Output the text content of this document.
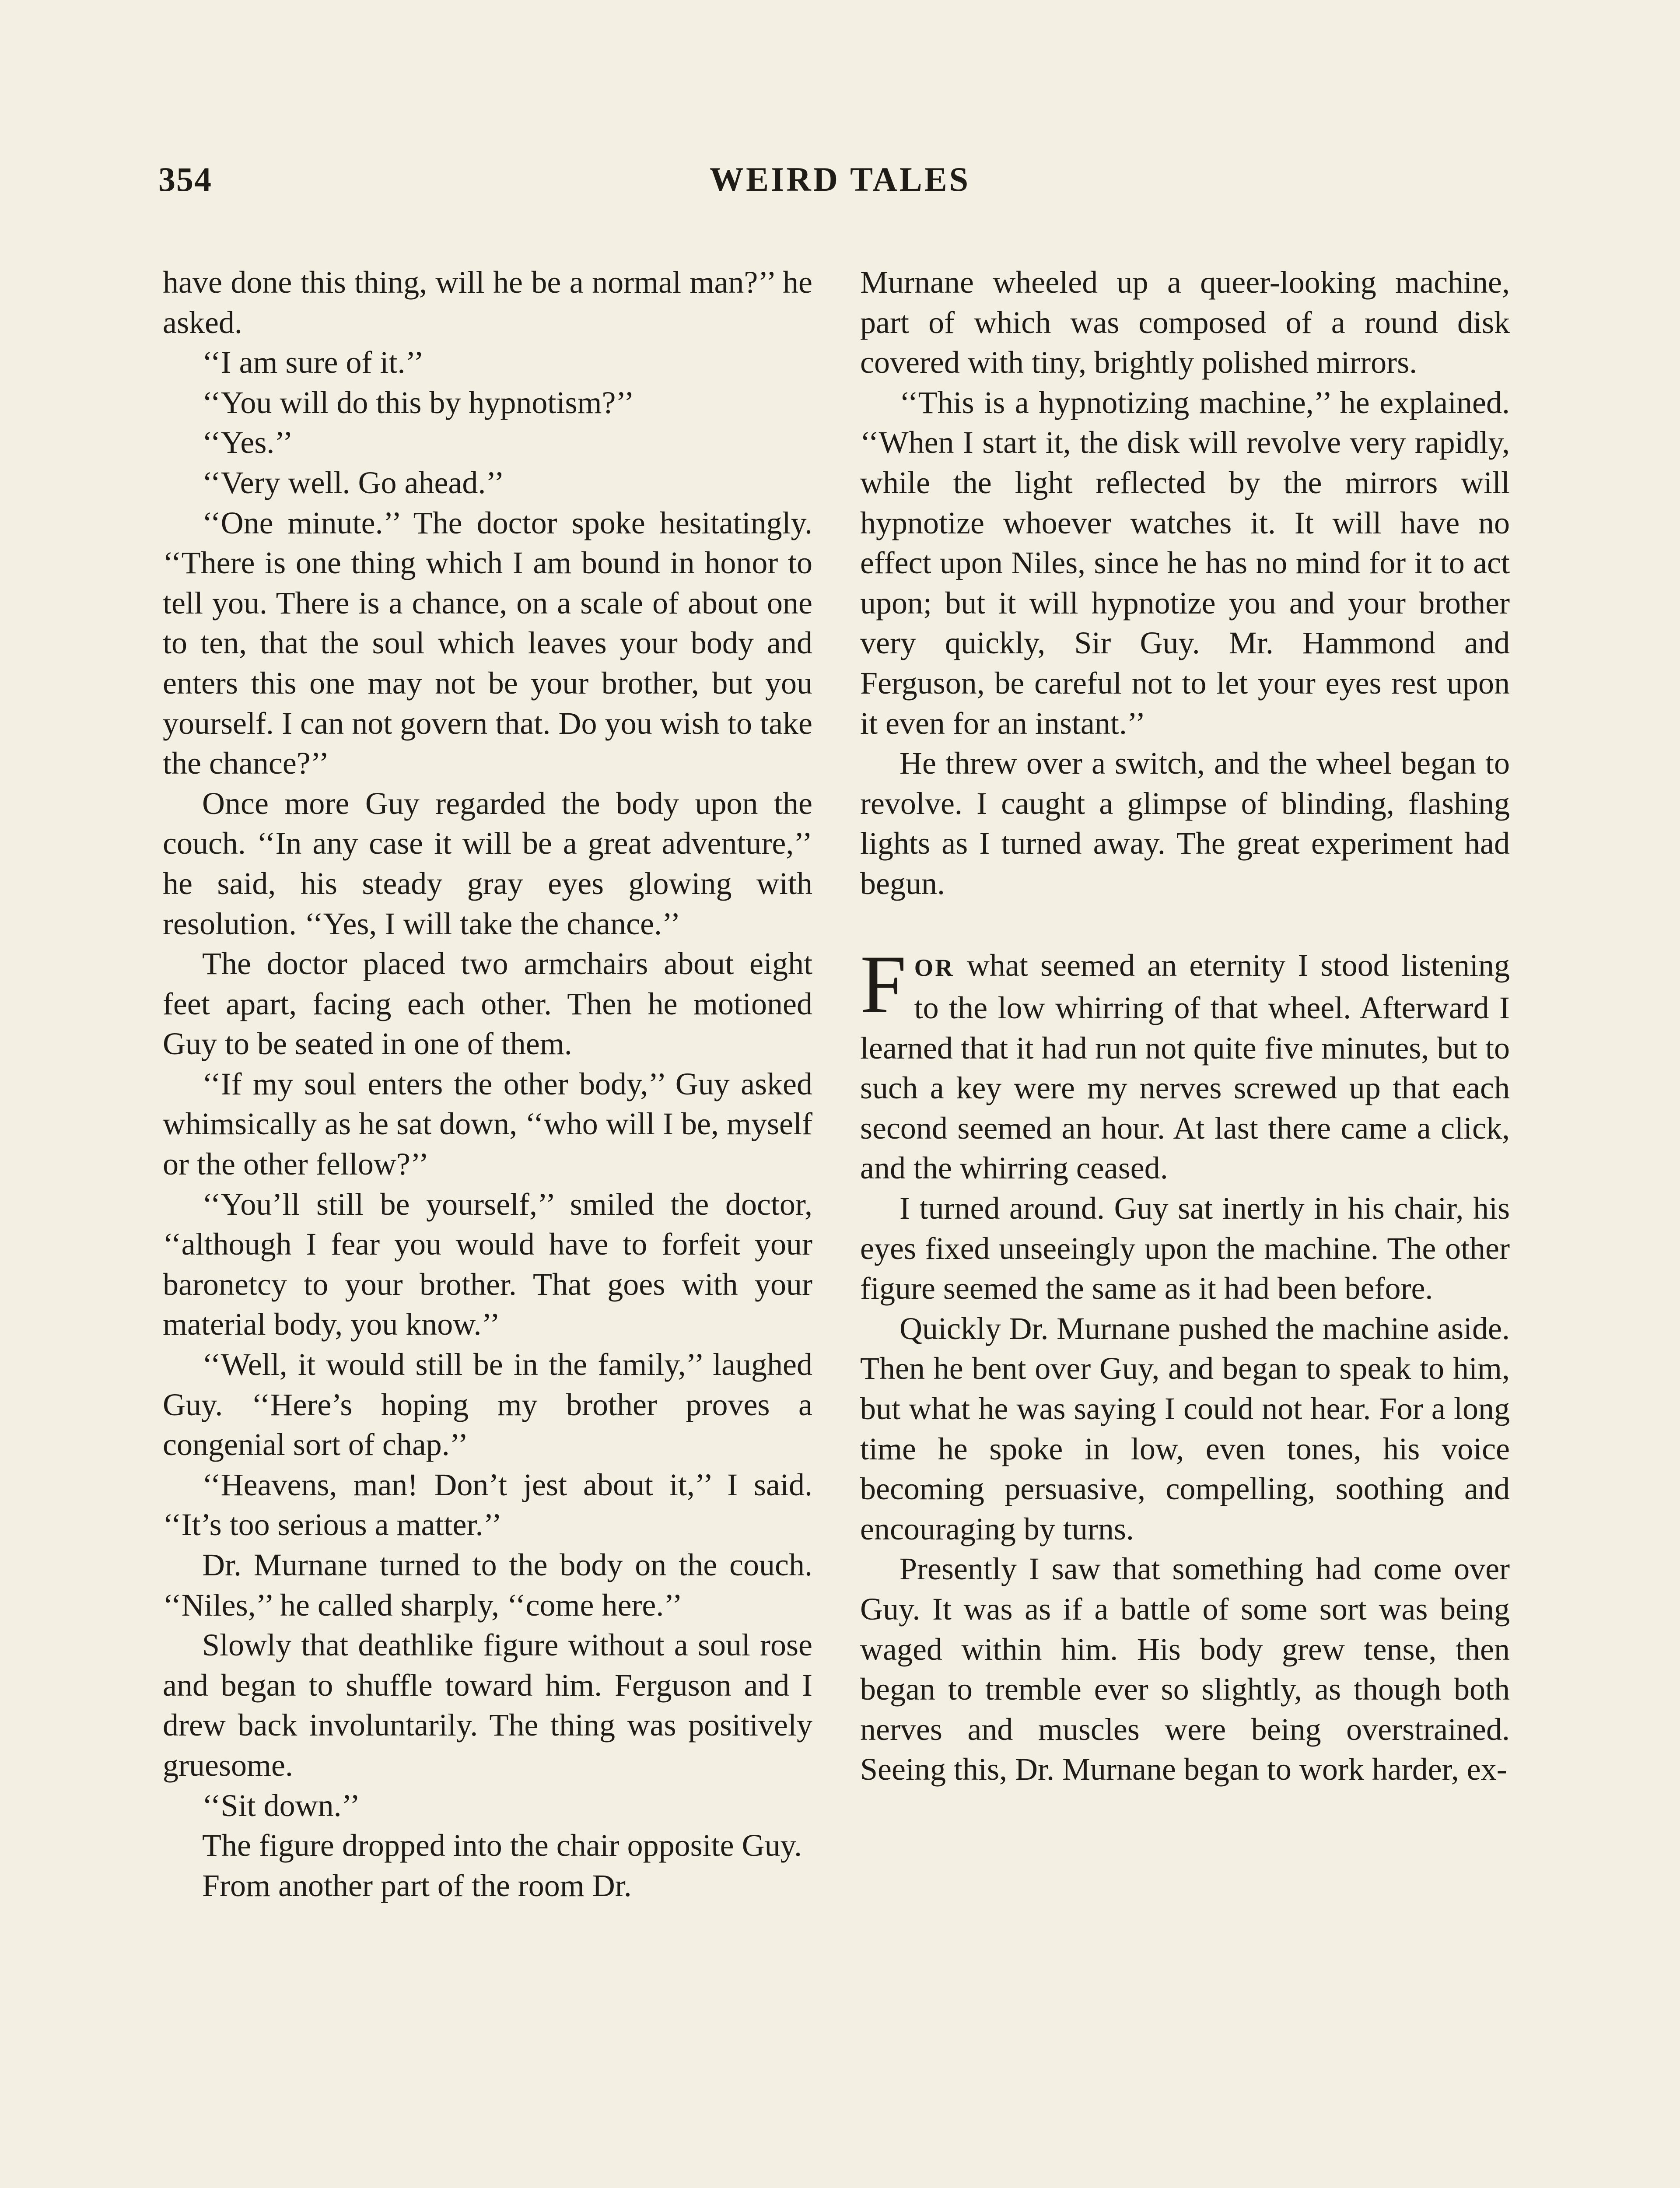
354	WEIRD TALES

have done this thing, will he be a normal man?’’ he asked.

‘‘I am sure of it.’’

‘‘You will do this by hypnotism?’’

‘‘Yes.’’

‘‘Very well. Go ahead.’’

‘‘One minute.’’ The doctor spoke hesitatingly. ‘‘There is one thing which I am bound in honor to tell you. There is a chance, on a scale of about one to ten, that the soul which leaves your body and enters this one may not be your brother, but you yourself. I can not govern that. Do you wish to take the chance?’’

Once more Guy regarded the body upon the couch. ‘‘In any case it will be a great adventure,’’ he said, his steady gray eyes glowing with resolution. ‘‘Yes, I will take the chance.’’

The doctor placed two armchairs about eight feet apart, facing each other. Then he motioned Guy to be seated in one of them.

‘‘If my soul enters the other body,’’ Guy asked whimsically as he sat down, ‘‘who will I be, myself or the other fellow?’’

‘‘You’ll still be yourself,’’ smiled the doctor, ‘‘although I fear you would have to forfeit your baronetcy to your brother. That goes with your material body, you know.’’

‘‘Well, it would still be in the family,’’ laughed Guy. ‘‘Here’s hoping my brother proves a congenial sort of chap.’’

‘‘Heavens, man! Don’t jest about it,’’ I said. ‘‘It’s too serious a matter.’’

Dr. Murnane turned to the body on the couch. ‘‘Niles,’’ he called sharply, ‘‘come here.’’

Slowly that deathlike figure without a soul rose and began to shuffle toward him. Ferguson and I drew back involuntarily. The thing was positively gruesome.

‘‘Sit down.’’

The figure dropped into the chair opposite Guy.

From another part of the room Dr.

Murnane wheeled up a queer-looking machine, part of which was composed of a round disk covered with tiny, brightly polished mirrors.

‘‘This is a hypnotizing machine,’’ he explained. ‘‘When I start it, the disk will revolve very rapidly, while the light reflected by the mirrors will hypnotize whoever watches it. It will have no effect upon Niles, since he has no mind for it to act upon; but it will hypnotize you and your brother very quickly, Sir Guy. Mr. Hammond and Ferguson, be careful not to let your eyes rest upon it even for an instant.’’

He threw over a switch, and the wheel began to revolve. I caught a glimpse of blinding, flashing lights as I turned away. The great experiment had begun.

FOR what seemed an eternity I stood listening to the low whirring of that wheel. Afterward I learned that it had run not quite five minutes, but to such a key were my nerves screwed up that each second seemed an hour. At last there came a click, and the whirring ceased.

I turned around. Guy sat inertly in his chair, his eyes fixed unseeingly upon the machine. The other figure seemed the same as it had been before.

Quickly Dr. Murnane pushed the machine aside. Then he bent over Guy, and began to speak to him, but what he was saying I could not hear. For a long time he spoke in low, even tones, his voice becoming persuasive, compelling, soothing and encouraging by turns.

Presently I saw that something had come over Guy. It was as if a battle of some sort was being waged within him. His body grew tense, then began to tremble ever so slightly, as though both nerves and muscles were being overstrained. Seeing this, Dr. Murnane began to work harder, ex-
